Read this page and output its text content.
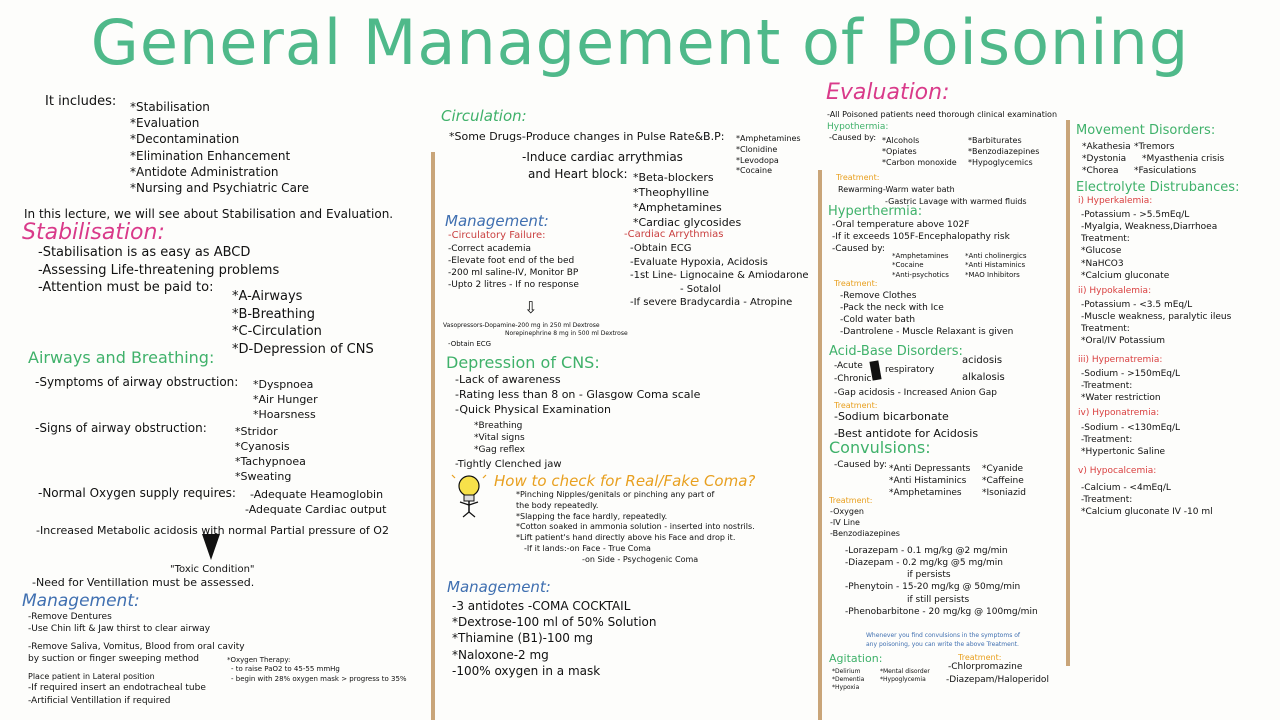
General Management of Poisoning
It includes: *Stabilisation
*Evaluation
*Decontamination
*Elimination Enhancement
*Antidote Administration
*Nursing and Psychiatric Care
In this lecture, we will see about Stabilisation and Evaluation.
Stabilisation:
-Stabilisation is as easy as ABCD
-Assessing Life-threatening problems
-Attention must be paid to:
*A-Airways
*B-Breathing
*C-Circulation
*D-Depression of CNS
Airways and Breathing:
-Symptoms of airway obstruction: *Dyspnoea
*Air Hunger
*Hoarsness
-Signs of airway obstruction:	*Stridor
*Cyanosis
*Tachypnoea
*Sweating
-Normal Oxygen supply requires: -Adequate Heamoglobin
-Adequate Cardiac output
-Increased Metabolic acidosis with normal Partial pressure of O2
"Toxic Condition"
-Need for Ventillation must be assessed.
Management:
-Remove Dentures
-Use Chin lift & Jaw thirst to clear airway
-Remove Saliva, Vomitus, Blood from oral cavity
by suction or finger sweeping method
Place patient in Lateral position
-If required insert an endotracheal tube
-Artificial Ventillation if required
*Oxygen Therapy:
- to raise PaO2 to 45-55 mmHg
- begin with 28% oxygen mask > progress to 35%
Circulation:
*Some Drugs-Produce changes in Pulse Rate&B.P: *Amphetamines
*Clonidine
*Levodopa
*Cocaine
-Induce cardiac arrythmias
and Heart block: *Beta-blockers
*Theophylline
*Amphetamines
*Cardiac glycosides
Management:
-Circulatory Failure:
-Correct academia
-Elevate foot end of the bed
-200 ml saline-IV, Monitor BP
-Upto 2 litres - If no response
-Cardiac Arrythmias
-Obtain ECG
-Evaluate Hypoxia, Acidosis
-1st Line- Lignocaine & Amiodarone
- Sotalol
-If severe Bradycardia - Atropine
⇩
Vasopressors-Dopamine-200 mg in 250 ml Dextrose
Norepinephrine 8 mg in 500 ml Dextrose
-Obtain ECG
Depression of CNS:
-Lack of awareness
-Rating less than 8 on - Glasgow Coma scale
-Quick Physical Examination
*Breathing
*Vital signs
*Gag reflex
-Tightly Clenched jaw
How to check for Real/Fake Coma?
*Pinching Nipples/genitals or pinching any part of
the body repeatedly.
*Slapping the face hardly, repeatedly.
*Cotton soaked in ammonia solution - inserted into nostrils.
*Lift patient's hand directly above his Face and drop it.
-If it lands:-on Face - True Coma
-on Side - Psychogenic Coma
Management:
-3 antidotes -COMA COCKTAIL
*Dextrose-100 ml of 50% Solution
*Thiamine (B1)-100 mg
*Naloxone-2 mg
-100% oxygen in a mask
Evaluation:
-All Poisoned patients need thorough clinical examination
Hypothermia:
-Caused by: *Alcohols
*Opiates
*Carbon monoxide
*Barbiturates
*Benzodiazepines
*Hypoglycemics
Treatment:
Rewarming-Warm water bath
-Gastric Lavage with warmed fluids
Hyperthermia:
-Oral temperature above 102F
-If it exceeds 105F-Encephalopathy risk
-Caused by:
*Amphetamines
*Cocaine
*Anti-psychotics
*Anti cholinergics
*Anti Histaminics
*MAO Inhibitors
Treatment:
-Remove Clothes
-Pack the neck with Ice
-Cold water bath
-Dantrolene - Muscle Relaxant is given
Acid-Base Disorders:
-Acute
-Chronic
respiratory
acidosis
alkalosis
-Gap acidosis - Increased Anion Gap
Treatment:
-Sodium bicarbonate
-Best antidote for Acidosis
Convulsions:
-Caused by: *Anti Depressants
*Anti Histaminics
*Amphetamines
*Cyanide
*Caffeine
*Isoniazid
Treatment:
-Oxygen
-IV Line
-Benzodiazepines
-Lorazepam - 0.1 mg/kg @2 mg/min
-Diazepam - 0.2 mg/kg @5 mg/min
if persists
-Phenytoin - 15-20 mg/kg @ 50mg/min
if still persists
-Phenobarbitone - 20 mg/kg @ 100mg/min
Whenever you find convulsions in the symptoms of
any poisoning, you can write the above Treatment.
Agitation:
*Delirium
*Dementia
*Hypoxia
*Mental disorder
*Hypoglycemia
Treatment:
-Chlorpromazine
-Diazepam/Haloperidol
Movement Disorders:
*Akathesia
*Dystonia
*Chorea
*Tremors
*Myasthenia crisis
*Fasiculations
Electrolyte Distrubances:
i) Hyperkalemia:
-Potassium - >5.5mEq/L
-Myalgia, Weakness,Diarrhoea
Treatment:
*Glucose
*NaHCO3
*Calcium gluconate
ii) Hypokalemia:
-Potassium - <3.5 mEq/L
-Muscle weakness, paralytic ileus
Treatment:
*Oral/IV Potassium
iii) Hypernatremia:
-Sodium - >150mEq/L
-Treatment:
*Water restriction
iv) Hyponatremia:
-Sodium - <130mEq/L
-Treatment:
*Hypertonic Saline
v) Hypocalcemia:
-Calcium - <4mEq/L
-Treatment:
*Calcium gluconate IV -10 ml
